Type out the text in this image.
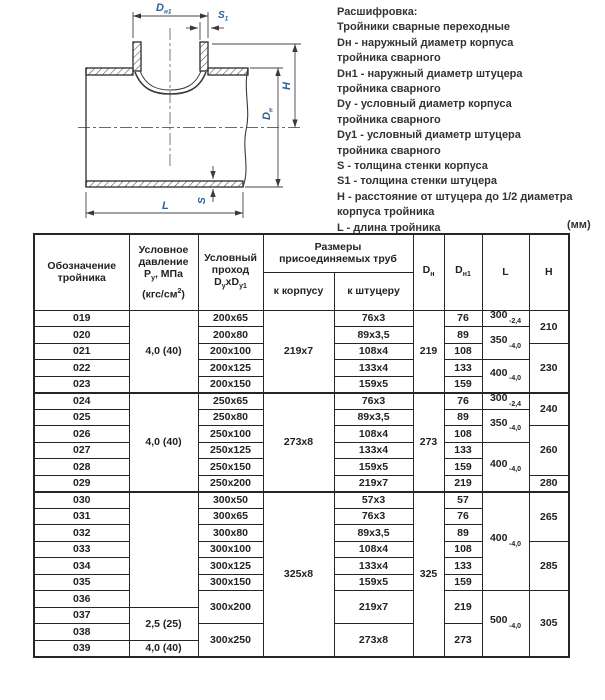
$D_{н1}$	$S_1$
H
$D_н$
S
L
Расшифровка:
Тройники сварные переходные
Dн - наружный диаметр корпуса
тройника сварного
Dн1 - наружный диаметр штуцера
тройника сварного
Dу - условный диаметр корпуса
тройника сварного
Dу1 - условный диаметр штуцера
тройника сварного
S - толщина стенки корпуса
S1 - толщина стенки штуцера
H - расстояние от штуцера до 1/2 диаметра
корпуса тройника
L - длина тройника	(мм)
Обозначение
тройника

Условное
давление
$P_у$, МПа
$(кгс/см^2)$

Условный
проход
$D_уxD_{у1}$

Размеры
присоединяемых труб
	$D_н$	$D_{н1}$	L	H
			к корпусу	к штуцеру				
019	4,0 (40)	200x65	219x7	76x3	219	76	300 $_{-2,4}$	210
020		200x80		89x3,5		89	350 $_{-4,0}$
021		200x100		108x4		108		230
022		200x125		133x4		133	400 $_{-4,0}$
023		200x150		159x5		159		
024	4,0 (40)	250x65	273x8	76x3	273	76	300 $_{-2,4}$	240
025		250x80		89x3,5		89	350 $_{-4,0}$
026		250x100		108x4		108		260
027		250x125		133x4		133	400 $_{-4,0}$
028		250x150		159x5		159		
029		250x200		219x7		219		280
030		300x50	325x8	57x3	325	57	400 $_{-4,0}$	265
031		300x65		76x3		76		
032		300x80		89x3,5		89		
033		300x100		108x4		108		285
034		300x125		133x4		133		
035		300x150		159x5		159		
036		300x200		219x7		219	500 $_{-4,0}$	305
037	2,5 (25)							
038		300x250		273x8		273		
039	4,0 (40)							
